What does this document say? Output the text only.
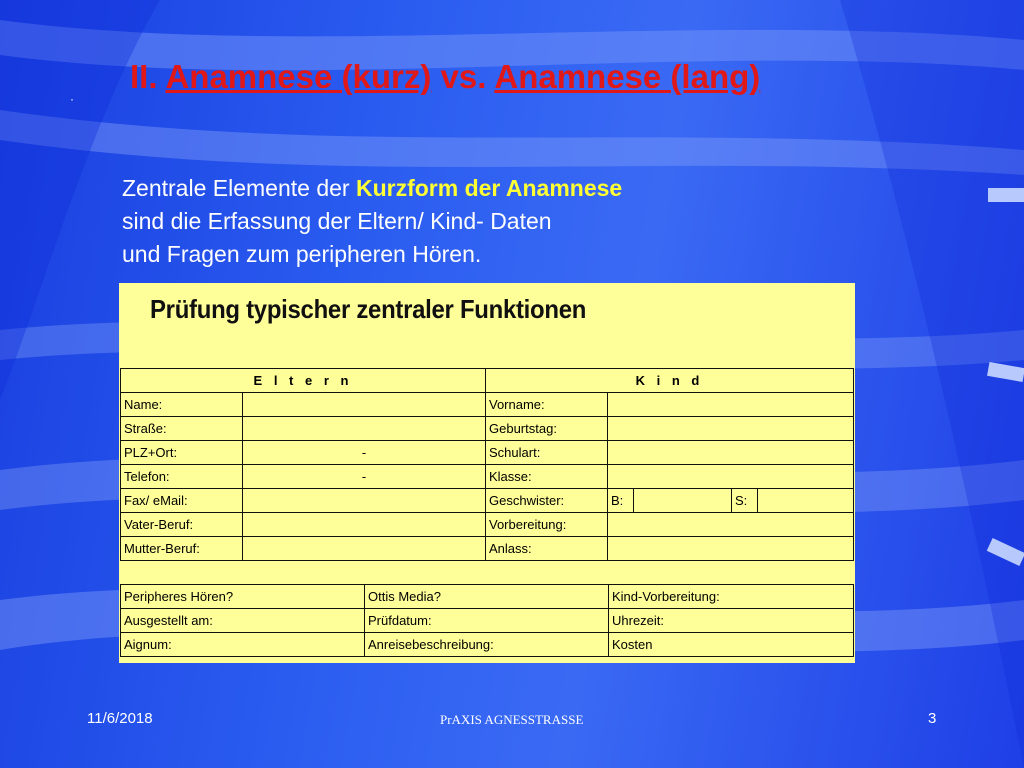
·
II. Anamnese (kurz) vs. Anamnese (lang)
Zentrale Elemente der Kurzform der Anamnese
sind die Erfassung der Eltern/ Kind- Daten
und Fragen zum peripheren Hören.
Prüfung typischer zentraler Funktionen
E l t e r n		K i n d	
Name:		Vorname:	
Straße:		Geburtstag:	
PLZ+Ort:	-	Schulart:	
Telefon:	-	Klasse:	
Fax/ eMail:		Geschwister:	B: S:

Vater-Beruf:		Vorbereitung:	
Mutter-Beruf:		Anlass:	
Peripheres Hören?	Ottis Media?	Kind-Vorbereitung:
Ausgestellt am:	Prüfdatum:	Uhrezeit:
Aignum:	Anreisebeschreibung:	Kosten
11/6/2018	PrAXIS AGNESSTRASSE	3
